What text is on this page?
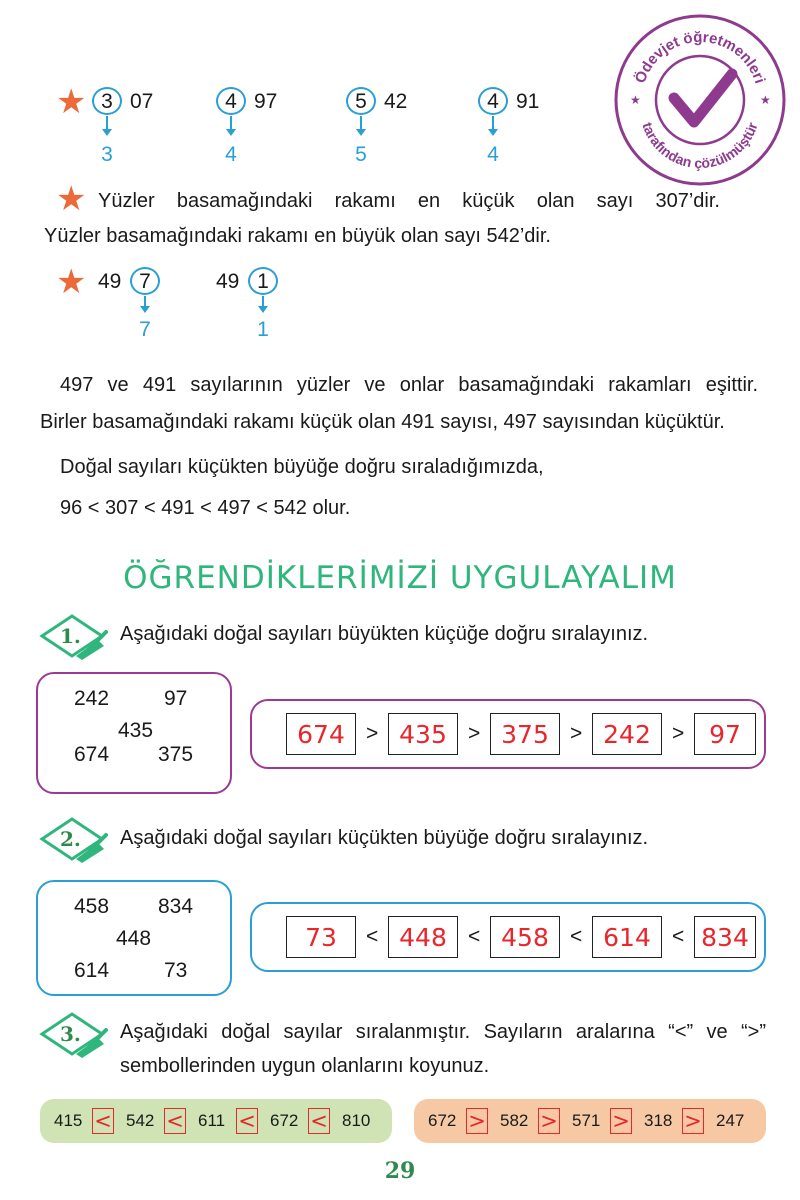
Ödevjet öğretmenleri
tarafından çözülmüştür
★	★
★ 3 07
3
4 97
4
5 42
5
4 91
4
★ Yüzler basamağındaki rakamı en küçük olan sayı 307’dir.
Yüzler basamağındaki rakamı en büyük olan sayı 542’dir.
★ 49 7
7
49 1
1
497 ve 491 sayılarının yüzler ve onlar basamağındaki rakamları eşittir.
Birler basamağındaki rakamı küçük olan 491 sayısı, 497 sayısından küçüktür.
Doğal sayıları küçükten büyüğe doğru sıraladığımızda,
96 < 307 < 491 < 497 < 542 olur.
ÖĞRENDİKLERİMİZİ UYGULAYALIM
1. Aşağıdaki doğal sayıları büyükten küçüğe doğru sıralayınız.
242	97
435
674 375
674	> 435	> 375	> 242	> 97
2. Aşağıdaki doğal sayıları küçükten büyüğe doğru sıralayınız.
458 834
448
614	73
73	< 448	< 458	< 614	< 834
3. Aşağıdaki doğal sayılar sıralanmıştır. Sayıların aralarına “<” ve “>”
sembollerinden uygun olanlarını koyunuz.
415 < 542 < 611 < 672 < 810	672 > 582 > 571 > 318 > 247
29
